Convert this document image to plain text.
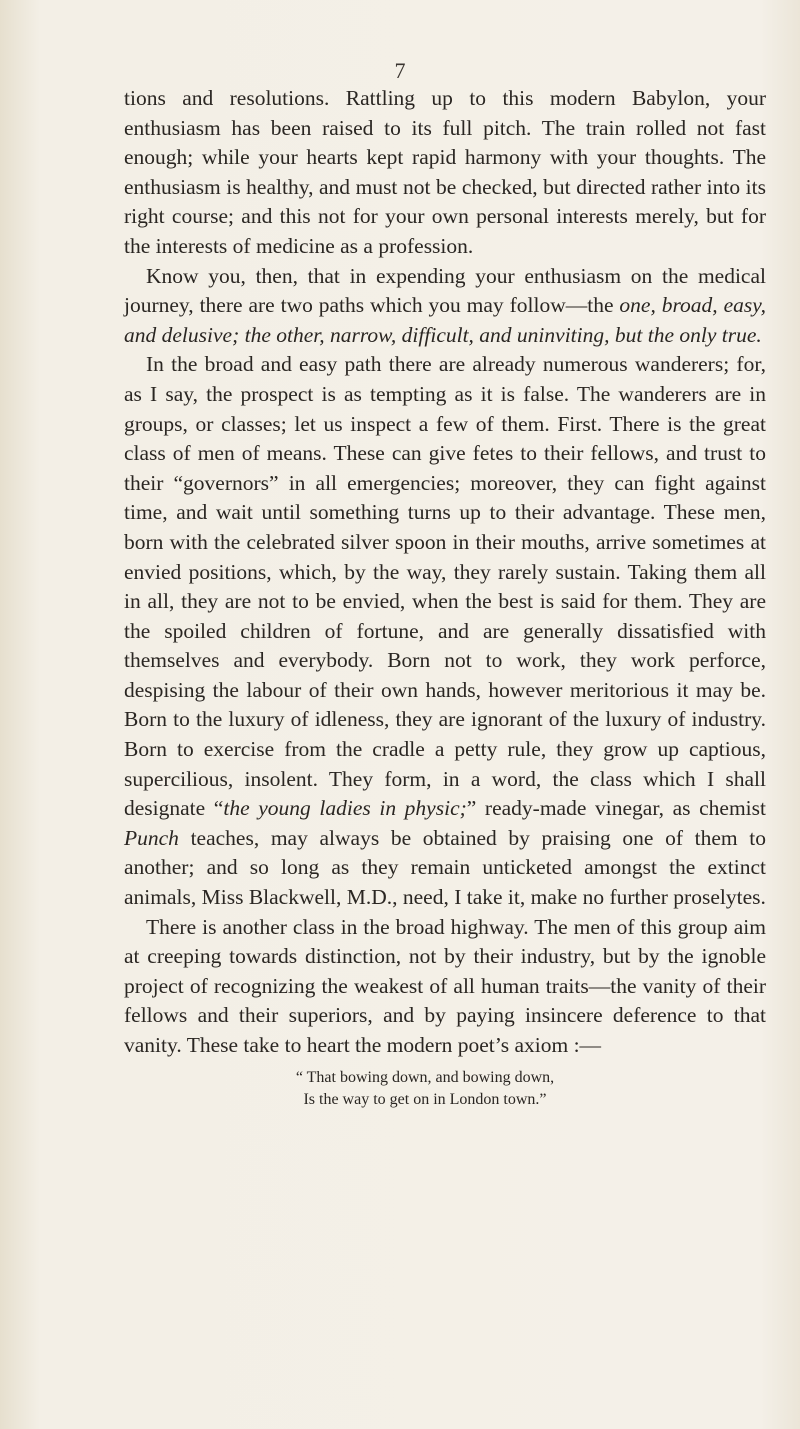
7

tions and resolutions. Rattling up to this modern Babylon, your enthusiasm has been raised to its full pitch. The train rolled not fast enough; while your hearts kept rapid harmony with your thoughts. The enthusiasm is healthy, and must not be checked, but directed rather into its right course; and this not for your own personal interests merely, but for the interests of medicine as a profession.

Know you, then, that in expending your enthusiasm on the medical journey, there are two paths which you may follow—the one, broad, easy, and delusive; the other, narrow, difficult, and uninviting, but the only true.

In the broad and easy path there are already numerous wanderers; for, as I say, the prospect is as tempting as it is false. The wanderers are in groups, or classes; let us inspect a few of them. First. There is the great class of men of means. These can give fetes to their fellows, and trust to their “governors” in all emergencies; moreover, they can fight against time, and wait until something turns up to their advantage. These men, born with the celebrated silver spoon in their mouths, arrive sometimes at envied positions, which, by the way, they rarely sustain. Taking them all in all, they are not to be envied, when the best is said for them. They are the spoiled children of fortune, and are generally dissatisfied with themselves and everybody. Born not to work, they work perforce, despising the labour of their own hands, however meritorious it may be. Born to the luxury of idleness, they are ignorant of the luxury of industry. Born to exercise from the cradle a petty rule, they grow up captious, supercilious, insolent. They form, in a word, the class which I shall designate “the young ladies in physic;” ready-made vinegar, as chemist Punch teaches, may always be obtained by praising one of them to another; and so long as they remain unticketed amongst the extinct animals, Miss Blackwell, M.D., need, I take it, make no further proselytes.

There is another class in the broad highway. The men of this group aim at creeping towards distinction, not by their industry, but by the ignoble project of recognizing the weakest of all human traits—the vanity of their fellows and their superiors, and by paying insincere deference to that vanity. These take to heart the modern poet’s axiom :—

“ That bowing down, and bowing down,
Is the way to get on in London town.”
